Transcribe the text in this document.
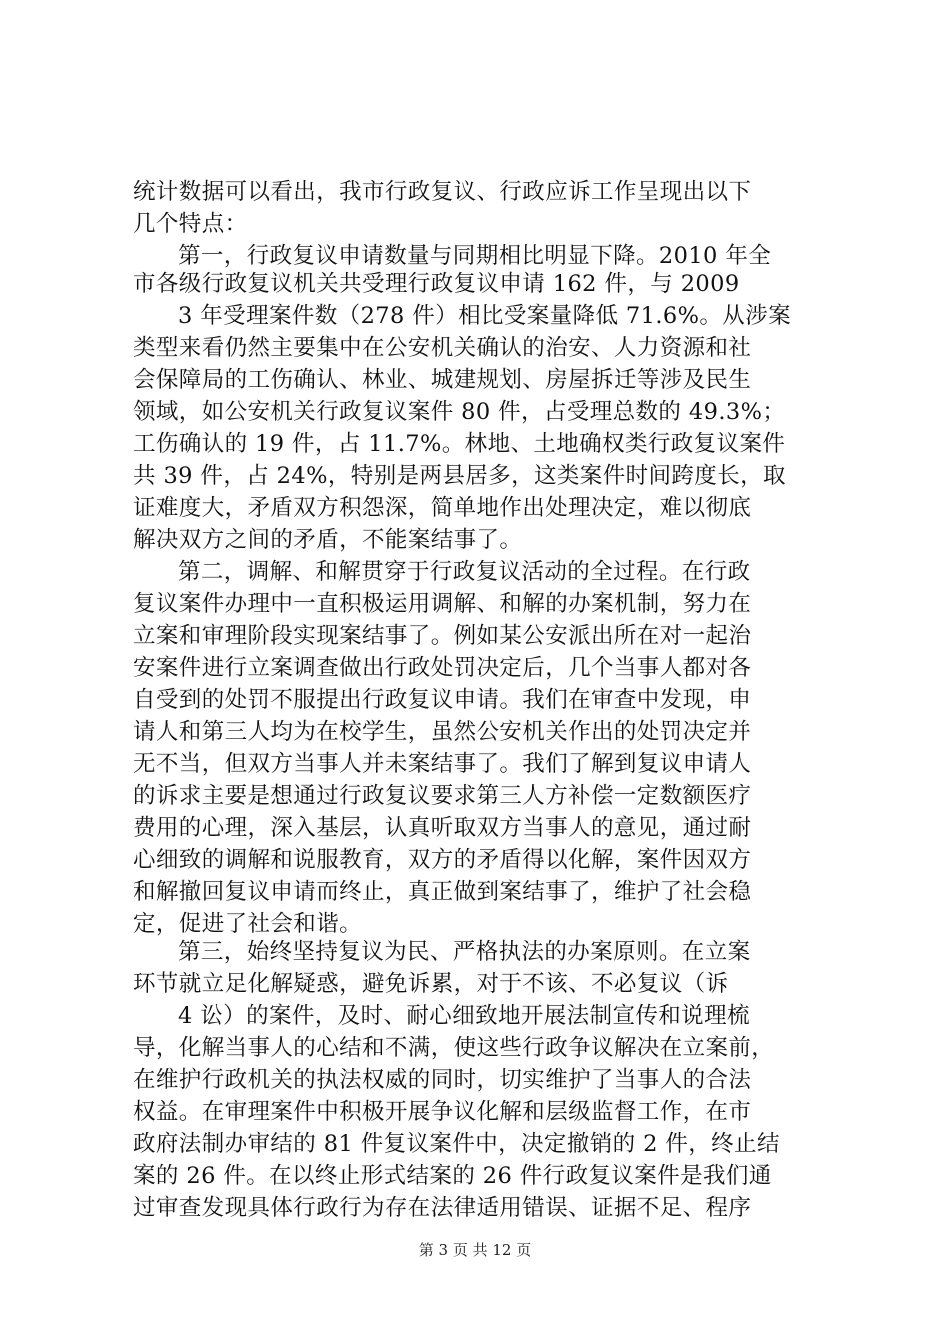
统计数据可以看出，我市行政复议、行政应诉工作呈现出以下
几个特点：
第一，行政复议申请数量与同期相比明显下降。2010 年全
市各级行政复议机关共受理行政复议申请 162 件，与 2009
3 年受理案件数（278 件）相比受案量降低 71.6%。从涉案
类型来看仍然主要集中在公安机关确认的治安、人力资源和社
会保障局的工伤确认、林业、城建规划、房屋拆迁等涉及民生
领域，如公安机关行政复议案件 80 件，占受理总数的 49.3%；
工伤确认的 19 件，占 11.7%。林地、土地确权类行政复议案件
共 39 件，占 24%，特别是两县居多，这类案件时间跨度长，取
证难度大，矛盾双方积怨深，简单地作出处理决定，难以彻底
解决双方之间的矛盾，不能案结事了。
第二，调解、和解贯穿于行政复议活动的全过程。在行政
复议案件办理中一直积极运用调解、和解的办案机制，努力在
立案和审理阶段实现案结事了。例如某公安派出所在对一起治
安案件进行立案调查做出行政处罚决定后，几个当事人都对各
自受到的处罚不服提出行政复议申请。我们在审查中发现，申
请人和第三人均为在校学生，虽然公安机关作出的处罚决定并
无不当，但双方当事人并未案结事了。我们了解到复议申请人
的诉求主要是想通过行政复议要求第三人方补偿一定数额医疗
费用的心理，深入基层，认真听取双方当事人的意见，通过耐
心细致的调解和说服教育，双方的矛盾得以化解，案件因双方
和解撤回复议申请而终止，真正做到案结事了，维护了社会稳
定，促进了社会和谐。
第三，始终坚持复议为民、严格执法的办案原则。在立案
环节就立足化解疑惑，避免诉累，对于不该、不必复议（诉
4 讼）的案件，及时、耐心细致地开展法制宣传和说理梳
导，化解当事人的心结和不满，使这些行政争议解决在立案前，
在维护行政机关的执法权威的同时，切实维护了当事人的合法
权益。在审理案件中积极开展争议化解和层级监督工作，在市
政府法制办审结的 81 件复议案件中，决定撤销的 2 件，终止结
案的 26 件。在以终止形式结案的 26 件行政复议案件是我们通
过审查发现具体行政行为存在法律适用错误、证据不足、程序
第 3 页 共 12 页
